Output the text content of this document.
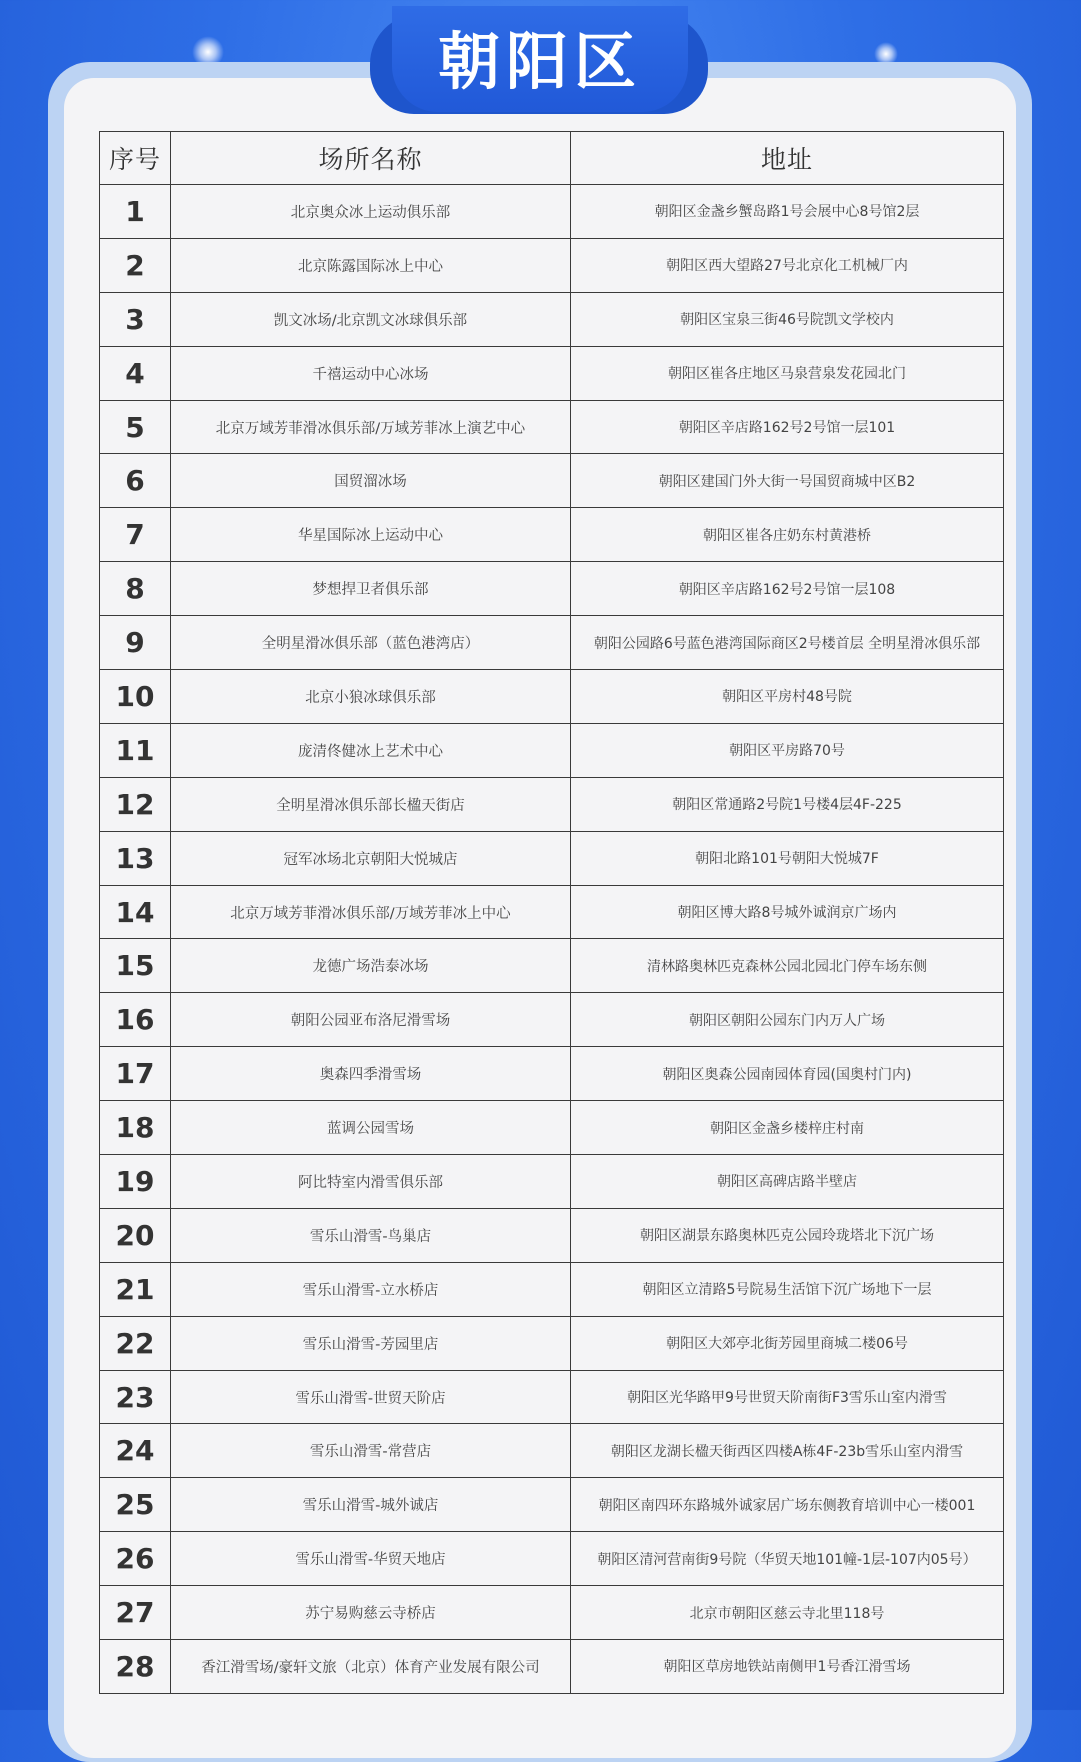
朝阳区
序号	场所名称	地址
1	北京奥众冰上运动俱乐部	朝阳区金盏乡蟹岛路1号会展中心8号馆2层
2	北京陈露国际冰上中心	朝阳区西大望路27号北京化工机械厂内
3	凯文冰场/北京凯文冰球俱乐部	朝阳区宝泉三街46号院凯文学校内
4	千禧运动中心冰场	朝阳区崔各庄地区马泉营泉发花园北门
5	北京万域芳菲滑冰俱乐部/万域芳菲冰上演艺中心	朝阳区辛店路162号2号馆一层101
6	国贸溜冰场	朝阳区建国门外大街一号国贸商城中区B2
7	华星国际冰上运动中心	朝阳区崔各庄奶东村黄港桥
8	梦想捍卫者俱乐部	朝阳区辛店路162号2号馆一层108
9	全明星滑冰俱乐部（蓝色港湾店）	朝阳公园路6号蓝色港湾国际商区2号楼首层 全明星滑冰俱乐部
10	北京小狼冰球俱乐部	朝阳区平房村48号院
11	庞清佟健冰上艺术中心	朝阳区平房路70号
12	全明星滑冰俱乐部长楹天街店	朝阳区常通路2号院1号楼4层4F-225
13	冠军冰场北京朝阳大悦城店	朝阳北路101号朝阳大悦城7F
14	北京万域芳菲滑冰俱乐部/万域芳菲冰上中心	朝阳区博大路8号城外诚润京广场内
15	龙德广场浩泰冰场	清林路奥林匹克森林公园北园北门停车场东侧
16	朝阳公园亚布洛尼滑雪场	朝阳区朝阳公园东门内万人广场
17	奥森四季滑雪场	朝阳区奥森公园南园体育园(国奥村门内)
18	蓝调公园雪场	朝阳区金盏乡楼梓庄村南
19	阿比特室内滑雪俱乐部	朝阳区高碑店路半壁店
20	雪乐山滑雪-鸟巢店	朝阳区湖景东路奥林匹克公园玲珑塔北下沉广场
21	雪乐山滑雪-立水桥店	朝阳区立清路5号院易生活馆下沉广场地下一层
22	雪乐山滑雪-芳园里店	朝阳区大郊亭北街芳园里商城二楼06号
23	雪乐山滑雪-世贸天阶店	朝阳区光华路甲9号世贸天阶南街F3雪乐山室内滑雪
24	雪乐山滑雪-常营店	朝阳区龙湖长楹天街西区四楼A栋4F-23b雪乐山室内滑雪
25	雪乐山滑雪-城外诚店	朝阳区南四环东路城外诚家居广场东侧教育培训中心一楼001
26	雪乐山滑雪-华贸天地店	朝阳区清河营南街9号院（华贸天地101幢-1层-107内05号）
27	苏宁易购慈云寺桥店	北京市朝阳区慈云寺北里118号
28	香江滑雪场/豪轩文旅（北京）体育产业发展有限公司	朝阳区草房地铁站南侧甲1号香江滑雪场
